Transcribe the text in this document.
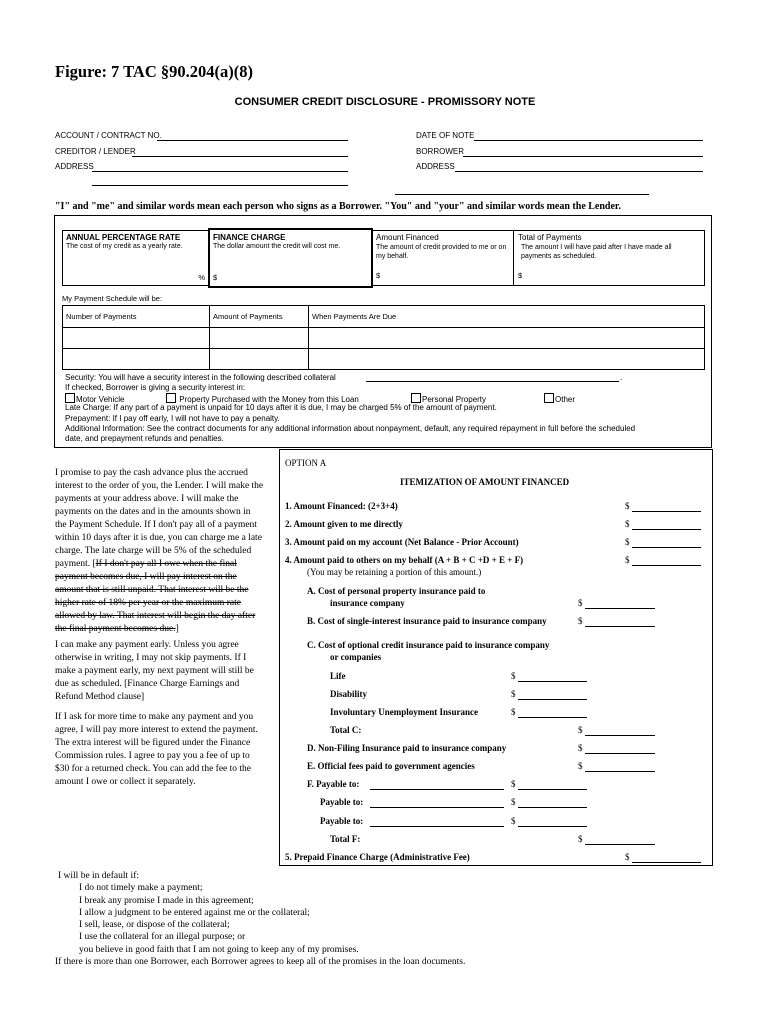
Figure: 7 TAC §90.204(a)(8)
CONSUMER CREDIT DISCLOSURE - PROMISSORY NOTE
ACCOUNT / CONTRACT NO.	DATE OF NOTE
CREDITOR / LENDER	BORROWER
ADDRESS	ADDRESS
"I" and "me" and similar words mean each person who signs as a Borrower. "You" and "your" and similar words mean the Lender.
ANNUAL PERCENTAGE RATE
The cost of my credit as a yearly rate.
%
FINANCE CHARGE
The dollar amount the credit will cost me.
$
Amount Financed
The amount of credit provided to me or on my behalf.
$
Total of Payments
The amount I will have paid after I have made all payments as scheduled.
$
My Payment Schedule will be:
Number of Payments	Amount of Payments	When Payments Are Due
Security: You will have a security interest in the following described collateral	.
If checked, Borrower is giving a security interest in:
Motor Vehicle	Property Purchased with the Money from this Loan	Personal Property	Other
Late Charge: If any part of a payment is unpaid for 10 days after it is due, I may be charged 5% of the amount of payment.
Prepayment: If I pay off early, I will not have to pay a penalty.
Additional Information: See the contract documents for any additional information about nonpayment, default, any required repayment in full before the scheduled
date, and prepayment refunds and penalties.
I promise to pay the cash advance plus the accrued
interest to the order of you, the Lender. I will make the
payments at your address above. I will make the
payments on the dates and in the amounts shown in
the Payment Schedule. If I don't pay all of a payment
within 10 days after it is due, you can charge me a late
charge. The late charge will be 5% of the scheduled
payment. [If I don't pay all I owe when the final
payment becomes due, I will pay interest on the
amount that is still unpaid. That interest will be the
higher rate of 18% per year or the maximum rate
allowed by law. That interest will begin the day after
the final payment becomes due.]
I can make any payment early. Unless you agree
otherwise in writing, I may not skip payments. If I
make a payment early, my next payment will still be
due as scheduled. [Finance Charge Earnings and
Refund Method clause]
If I ask for more time to make any payment and you
agree, I will pay more interest to extend the payment.
The extra interest will be figured under the Finance
Commission rules. I agree to pay you a fee of up to
$30 for a returned check. You can add the fee to the
amount I owe or collect it separately.
OPTION A
ITEMIZATION OF AMOUNT FINANCED
1. Amount Financed: (2+3+4)	$
2. Amount given to me directly	$
3. Amount paid on my account (Net Balance - Prior Account)	$
4. Amount paid to others on my behalf (A + B + C +D + E + F)	$
(You may be retaining a portion of this amount.)
A. Cost of personal property insurance paid to
insurance company	$
B. Cost of single-interest insurance paid to insurance company	$
C. Cost of optional credit insurance paid to insurance company
or companies
Life	$
Disability	$
Involuntary Unemployment Insurance	$
Total C:	$
D. Non-Filing Insurance paid to insurance company	$
E. Official fees paid to government agencies	$
F. Payable to:	$
Payable to:	$
Payable to:	$
Total F:	$
5. Prepaid Finance Charge (Administrative Fee)	$
I will be in default if:
I do not timely make a payment;
I break any promise I made in this agreement;
I allow a judgment to be entered against me or the collateral;
I sell, lease, or dispose of the collateral;
I use the collateral for an illegal purpose; or
you believe in good faith that I am not going to keep any of my promises.
If there is more than one Borrower, each Borrower agrees to keep all of the promises in the loan documents.
